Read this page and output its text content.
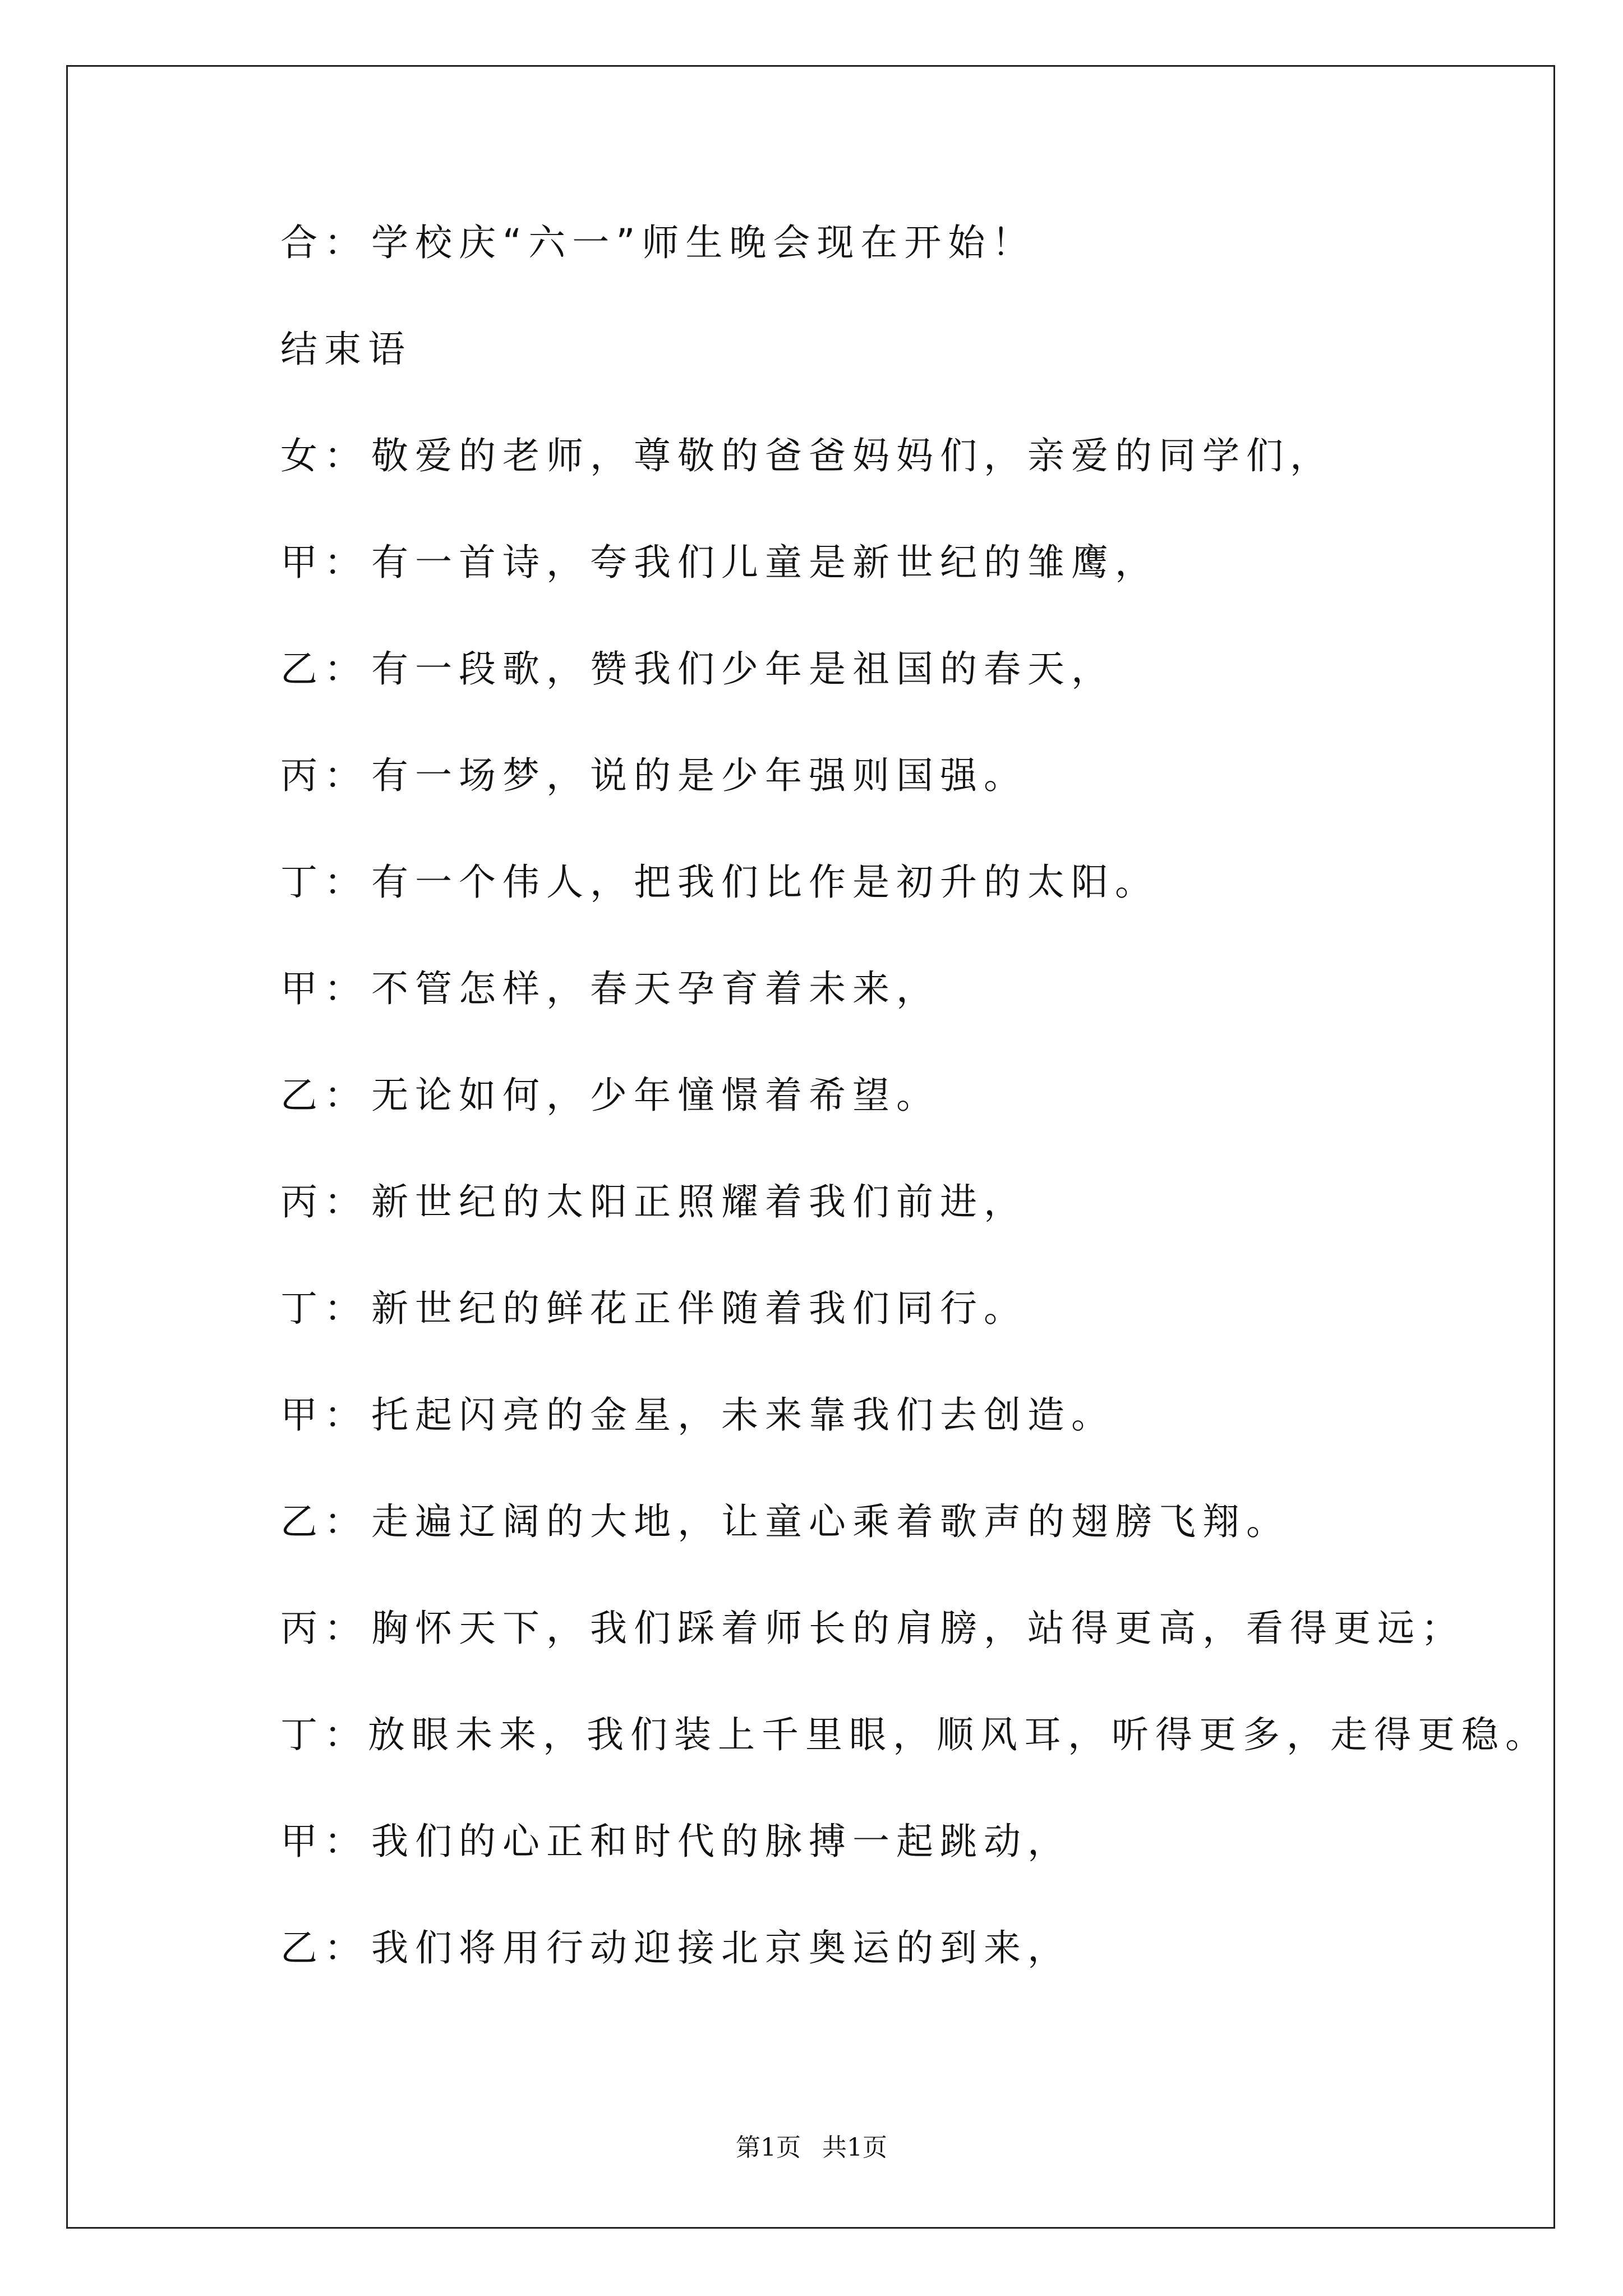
合 ： 学校庆“六一”师生晚会现在开始！
结束语
女 ： 敬爱的老师，尊敬的爸爸妈妈们，亲爱的同学们，
甲 ： 有一首诗，夸我们儿童是新世纪的雏鹰，
乙 ： 有一段歌，赞我们少年是祖国的春天，
丙 ： 有一场梦，说的是少年强则国强。
丁 ： 有一个伟人，把我们比作是初升的太阳。
甲 ： 不管怎样，春天孕育着未来，
乙 ： 无论如何，少年憧憬着希望。
丙 ： 新世纪的太阳正照耀着我们前进，
丁 ： 新世纪的鲜花正伴随着我们同行。
甲 ： 托起闪亮的金星，未来靠我们去创造。
乙 ： 走遍辽阔的大地，让童心乘着歌声的翅膀飞翔。
丙 ： 胸怀天下，我们踩着师长的肩膀，站得更高，看得更远；
丁 ： 放眼未来，我们装上千里眼，顺风耳，听得更多，走得更稳。
甲 ： 我们的心正和时代的脉搏一起跳动，
乙 ： 我们将用行动迎接北京奥运的到来，
第1页 共1页
